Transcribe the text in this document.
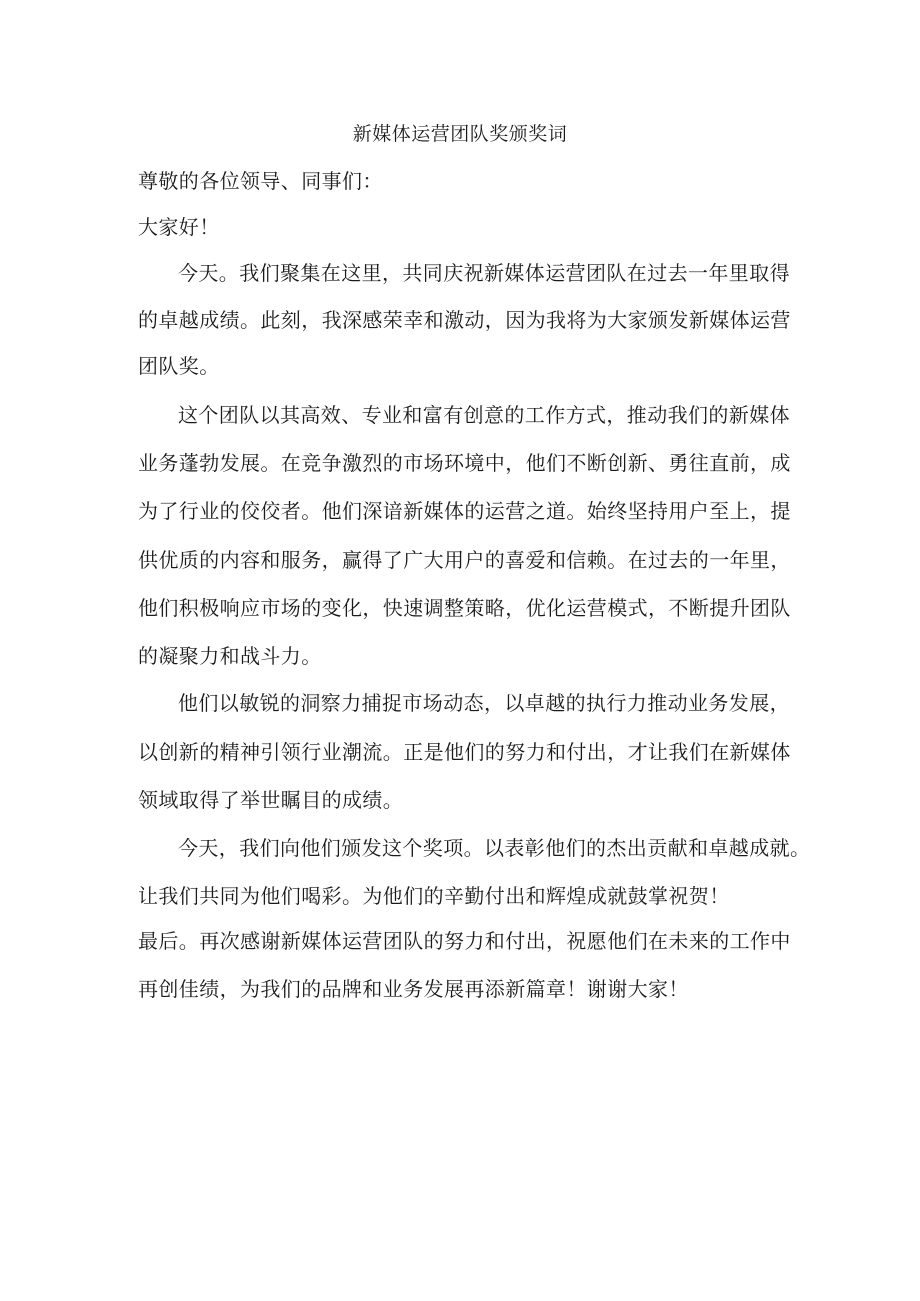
新媒体运营团队奖颁奖词
尊敬的各位领导、同事们：
大家好！
今天。我们聚集在这里，共同庆祝新媒体运营团队在过去一年里取得
的卓越成绩。此刻，我深感荣幸和激动，因为我将为大家颁发新媒体运营
团队奖。
这个团队以其高效、专业和富有创意的工作方式，推动我们的新媒体
业务蓬勃发展。在竞争激烈的市场环境中，他们不断创新、勇往直前，成
为了行业的佼佼者。他们深谙新媒体的运营之道。始终坚持用户至上，提
供优质的内容和服务，赢得了广大用户的喜爱和信赖。在过去的一年里，
他们积极响应市场的变化，快速调整策略，优化运营模式，不断提升团队
的凝聚力和战斗力。
他们以敏锐的洞察力捕捉市场动态，以卓越的执行力推动业务发展，
以创新的精神引领行业潮流。正是他们的努力和付出，才让我们在新媒体
领域取得了举世瞩目的成绩。
今天，我们向他们颁发这个奖项。以表彰他们的杰出贡献和卓越成就。
让我们共同为他们喝彩。为他们的辛勤付出和辉煌成就鼓掌祝贺！
最后。再次感谢新媒体运营团队的努力和付出，祝愿他们在未来的工作中
再创佳绩，为我们的品牌和业务发展再添新篇章！谢谢大家！
